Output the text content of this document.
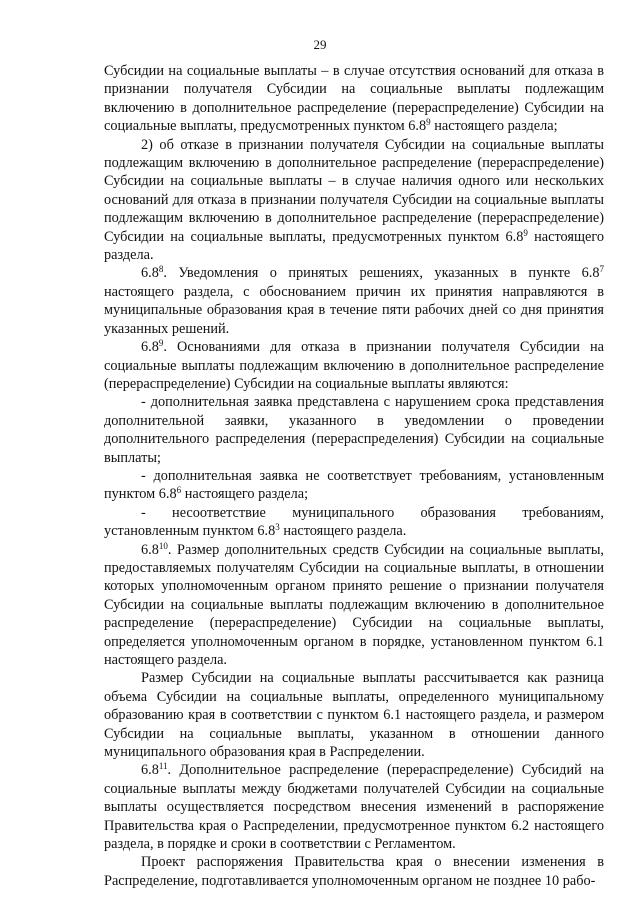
29

Субсидии на социальные выплаты – в случае отсутствия оснований для отказа в признании получателя Субсидии на социальные выплаты подлежащим включению в дополнительное распределение (перераспределение) Субсидии на социальные выплаты, предусмотренных пунктом $6.8^9$ настоящего раздела;

2) об отказе в признании получателя Субсидии на социальные выплаты подлежащим включению в дополнительное распределение (перераспределение) Субсидии на социальные выплаты – в случае наличия одного или нескольких оснований для отказа в признании получателя Субсидии на социальные выплаты подлежащим включению в дополнительное распределение (перераспределение) Субсидии на социальные выплаты, предусмотренных пунктом $6.8^9$ настоящего раздела.

$6.8^8$. Уведомления о принятых решениях, указанных в пункте $6.8^7$ настоящего раздела, с обоснованием причин их принятия направляются в муниципальные образования края в течение пяти рабочих дней со дня принятия указанных решений.

$6.8^9$. Основаниями для отказа в признании получателя Субсидии на социальные выплаты подлежащим включению в дополнительное распределение (перераспределение) Субсидии на социальные выплаты являются:

- дополнительная заявка представлена с нарушением срока представления дополнительной заявки, указанного в уведомлении о проведении дополнительного распределения (перераспределения) Субсидии на социальные выплаты;

- дополнительная заявка не соответствует требованиям, установленным пунктом $6.8^6$ настоящего раздела;

- несоответствие муниципального образования требованиям, установленным пунктом $6.8^3$ настоящего раздела.

$6.8^{10}$. Размер дополнительных средств Субсидии на социальные выплаты, предоставляемых получателям Субсидии на социальные выплаты, в отношении которых уполномоченным органом принято решение о признании получателя Субсидии на социальные выплаты подлежащим включению в дополнительное распределение (перераспределение) Субсидии на социальные выплаты, определяется уполномоченным органом в порядке, установленном пунктом 6.1 настоящего раздела.

Размер Субсидии на социальные выплаты рассчитывается как разница объема Субсидии на социальные выплаты, определенного муниципальному образованию края в соответствии с пунктом 6.1 настоящего раздела, и размером Субсидии на социальные выплаты, указанном в отношении данного муниципального образования края в Распределении.

$6.8^{11}$. Дополнительное распределение (перераспределение) Субсидий на социальные выплаты между бюджетами получателей Субсидии на социальные выплаты осуществляется посредством внесения изменений в распоряжение Правительства края о Распределении, предусмотренное пунктом 6.2 настоящего раздела, в порядке и сроки в соответствии с Регламентом.

Проект распоряжения Правительства края о внесении изменения в Распределение, подготавливается уполномоченным органом не позднее 10 рабо-
